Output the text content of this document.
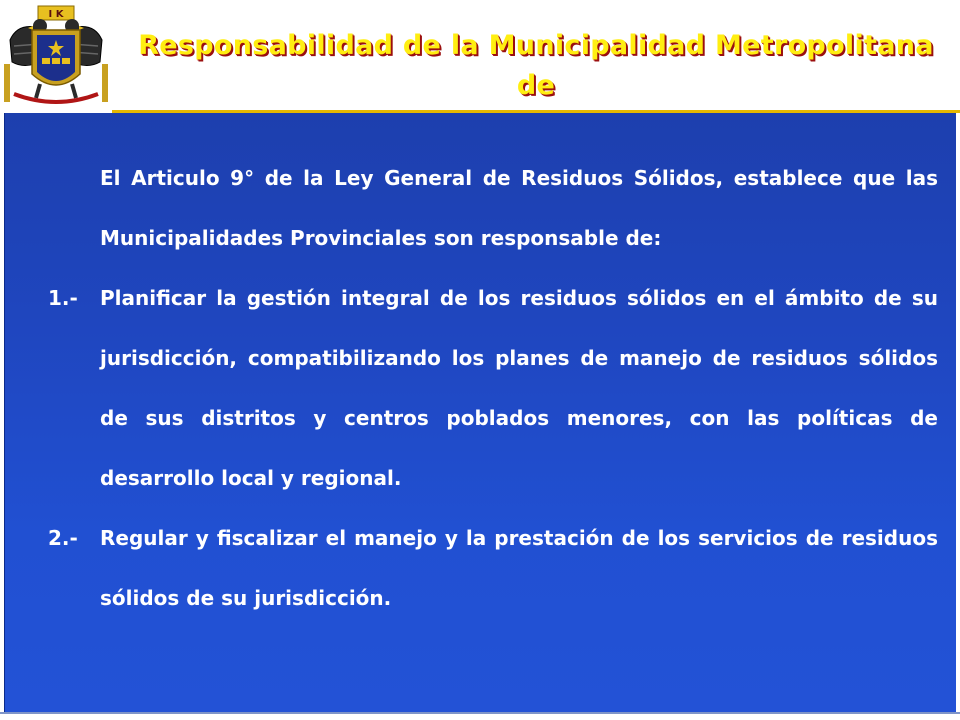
I K
Responsabilidad de la Municipalidad Metropolitana de

El Articulo 9° de la Ley General de Residuos Sólidos, establece que las Municipalidades Provinciales son responsable de:

1.- Planificar la gestión integral de los residuos sólidos en el ámbito de su jurisdicción, compatibilizando los planes de manejo de residuos sólidos de sus distritos y centros poblados menores, con las políticas de desarrollo local y regional.
2.- Regular y fiscalizar el manejo y la prestación de los servicios de residuos sólidos de su jurisdicción.
